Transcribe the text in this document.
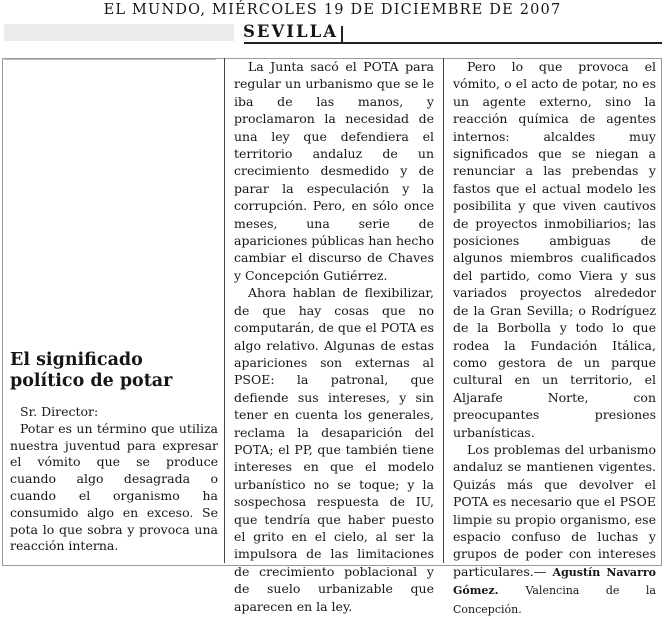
EL MUNDO, MIÉRCOLES 19 DE DICIEMBRE DE 2007
SEVILLA
El significado político de potar

Sr. Director:

Potar es un término que utiliza nuestra juventud para expresar el vómito que se produce cuando algo desagrada o cuando el organismo ha consumido algo en exceso. Se pota lo que sobra y provoca una reacción interna.

La Junta sacó el POTA para regular un urbanismo que se le iba de las manos, y proclamaron la necesidad de una ley que defendiera el territorio andaluz de un crecimiento desmedido y de parar la especulación y la corrupción. Pero, en sólo once meses, una serie de apariciones públicas han hecho cambiar el discurso de Chaves y Concepción Gutiérrez.

Ahora hablan de flexibilizar, de que hay cosas que no computarán, de que el POTA es algo relativo. Algunas de estas apariciones son externas al PSOE: la patronal, que defiende sus intereses, y sin tener en cuenta los generales, reclama la desaparición del POTA; el PP, que también tiene intereses en que el modelo urbanístico no se toque; y la sospechosa respuesta de IU, que tendría que haber puesto el grito en el cielo, al ser la impulsora de las limitaciones de crecimiento poblacional y de suelo urbanizable que aparecen en la ley.

Pero lo que provoca el vómito, o el acto de potar, no es un agente externo, sino la reacción química de agentes internos: alcaldes muy significados que se niegan a renunciar a las prebendas y fastos que el actual modelo les posibilita y que viven cautivos de proyectos inmobiliarios; las posiciones ambiguas de algunos miembros cualificados del partido, como Viera y sus variados proyectos alrededor de la Gran Sevilla; o Rodríguez de la Borbolla y todo lo que rodea la Fundación Itálica, como gestora de un parque cultural en un territorio, el Aljarafe Norte, con preocupantes presiones urbanísticas.

Los problemas del urbanismo andaluz se mantienen vigentes. Quizás más que devolver el POTA es necesario que el PSOE limpie su propio organismo, ese espacio confuso de luchas y grupos de poder con intereses particulares.— Agustín Navarro Gómez. Valencina de la Concepción.
